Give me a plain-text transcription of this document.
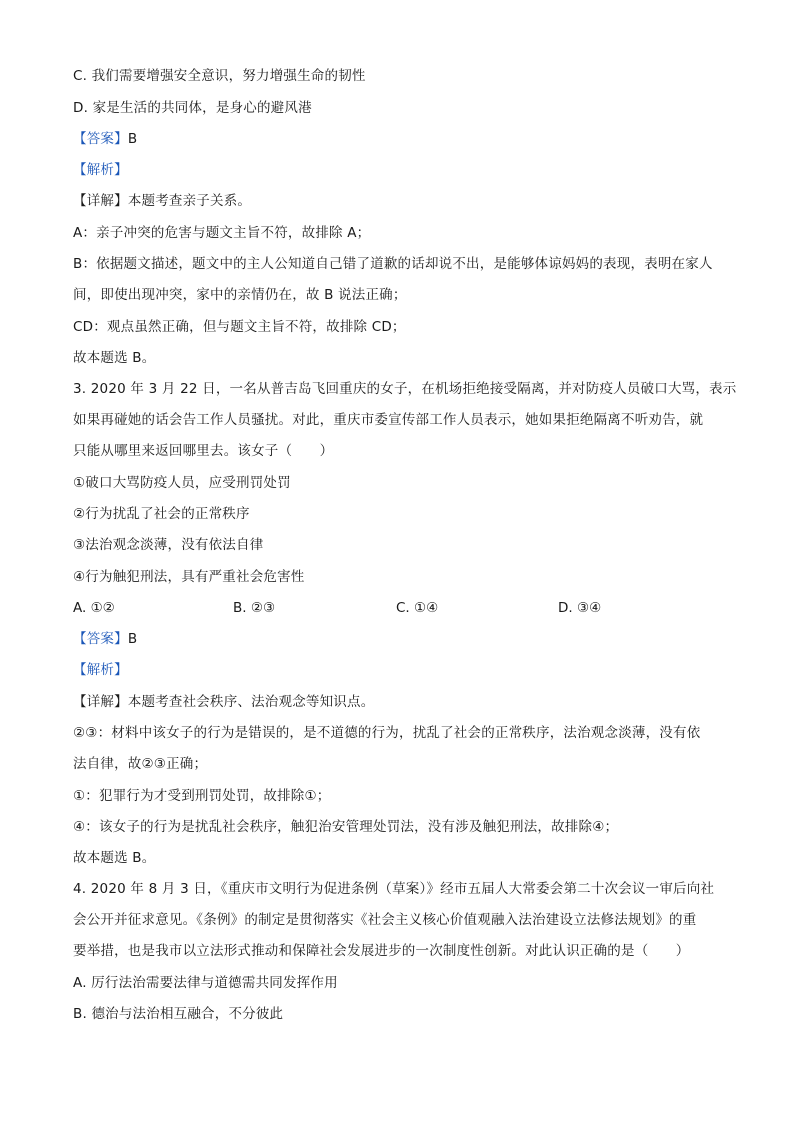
C. 我们需要增强安全意识，努力增强生命的韧性
D. 家是生活的共同体，是身心的避风港
【答案】B
【解析】
【详解】本题考查亲子关系。
A：亲子冲突的危害与题文主旨不符，故排除 A；
B：依据题文描述，题文中的主人公知道自己错了道歉的话却说不出，是能够体谅妈妈的表现，表明在家人
间，即使出现冲突，家中的亲情仍在，故 B 说法正确；
CD：观点虽然正确，但与题文主旨不符，故排除 CD；
故本题选 B。
3. 2020 年 3 月 22 日，一名从普吉岛飞回重庆的女子，在机场拒绝接受隔离，并对防疫人员破口大骂，表示
如果再碰她的话会告工作人员骚扰。对此，重庆市委宣传部工作人员表示，她如果拒绝隔离不听劝告，就
只能从哪里来返回哪里去。该女子（　　）
①破口大骂防疫人员，应受刑罚处罚
②行为扰乱了社会的正常秩序
③法治观念淡薄，没有依法自律
④行为触犯刑法，具有严重社会危害性
A. ①②	B. ②③	C. ①④	D. ③④
【答案】B
【解析】
【详解】本题考查社会秩序、法治观念等知识点。
②③：材料中该女子的行为是错误的，是不道德的行为，扰乱了社会的正常秩序，法治观念淡薄，没有依
法自律，故②③正确；
①：犯罪行为才受到刑罚处罚，故排除①；
④：该女子的行为是扰乱社会秩序，触犯治安管理处罚法，没有涉及触犯刑法，故排除④；
故本题选 B。
4. 2020 年 8 月 3 日，《重庆市文明行为促进条例（草案）》经市五届人大常委会第二十次会议一审后向社
会公开并征求意见。《条例》的制定是贯彻落实《社会主义核心价值观融入法治建设立法修法规划》的重
要举措，也是我市以立法形式推动和保障社会发展进步的一次制度性创新。对此认识正确的是（　　）
A. 厉行法治需要法律与道德需共同发挥作用
B. 德治与法治相互融合，不分彼此
